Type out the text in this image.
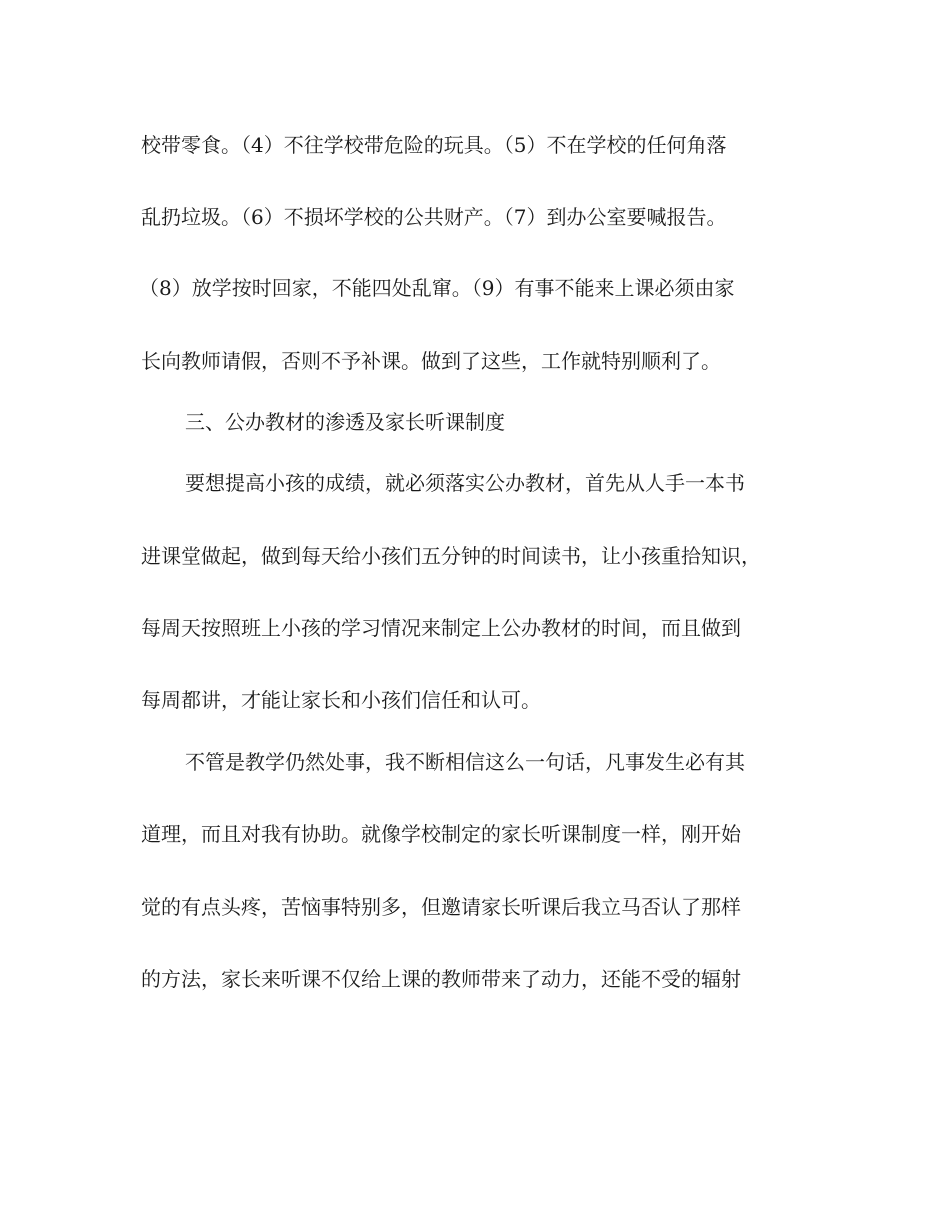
校带零食。（4）不往学校带危险的玩具。（5）不在学校的任何角落
乱扔垃圾。（6）不损坏学校的公共财产。（7）到办公室要喊报告。
（8）放学按时回家，不能四处乱窜。（9）有事不能来上课必须由家
长向教师请假，否则不予补课。做到了这些，工作就特别顺利了。
三、公办教材的渗透及家长听课制度
要想提高小孩的成绩，就必须落实公办教材，首先从人手一本书
进课堂做起，做到每天给小孩们五分钟的时间读书，让小孩重拾知识，
每周天按照班上小孩的学习情况来制定上公办教材的时间，而且做到
每周都讲，才能让家长和小孩们信任和认可。
不管是教学仍然处事，我不断相信这么一句话，凡事发生必有其
道理，而且对我有协助。就像学校制定的家长听课制度一样，刚开始
觉的有点头疼，苦恼事特别多，但邀请家长听课后我立马否认了那样
的方法，家长来听课不仅给上课的教师带来了动力，还能不受的辐射
